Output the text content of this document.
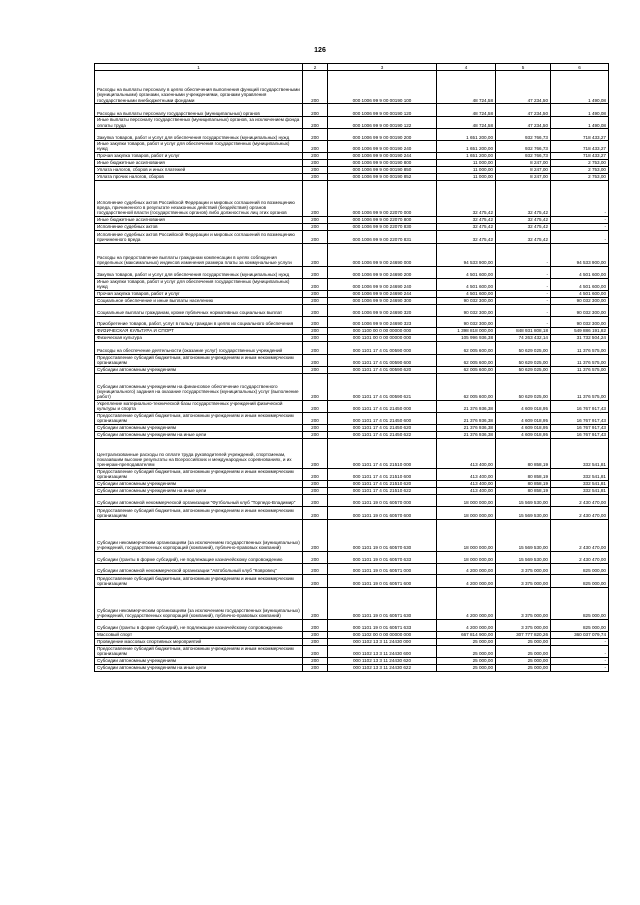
126
1	2	3	4	5	6
Расходы на выплаты персоналу в целях обеспечения выполнения функций государственными (муниципальными) органами, казенными учреждениями, органами управления государственными внебюджетными фондами	200	000 1006 99 9 00 00190 100	48 724,58	47 234,50	1 490,08
Расходы на выплаты персоналу государственных (муниципальных) органов	200	000 1006 99 9 00 00190 120	48 724,58	47 234,50	1 490,08
Иные выплаты персоналу государственных (муниципальных) органов, за исключением фонда оплаты труда	200	000 1006 99 9 00 00190 122	48 724,58	47 234,50	1 490,08
Закупка товаров, работ и услуг для обеспечения государственных (муниципальных) нужд	200	000 1006 99 9 00 00190 200	1 651 200,00	932 766,73	718 433,27
Иные закупки товаров, работ и услуг для обеспечения государственных (муниципальных) нужд	200	000 1006 99 9 00 00190 240	1 651 200,00	932 766,73	718 433,27
Прочая закупка товаров, работ и услуг	200	000 1006 99 9 00 00190 244	1 651 200,00	932 766,73	718 433,27
Иные бюджетные ассигнования	200	000 1006 99 9 00 00190 800	11 000,00	8 247,00	2 753,00
Уплата налогов, сборов и иных платежей	200	000 1006 99 9 00 00190 850	11 000,00	8 247,00	2 753,00
Уплата прочих налогов, сборов	200	000 1006 99 9 00 00190 852	11 000,00	8 247,00	2 753,00
Исполнение судебных актов Российской Федерации и мировых соглашений по возмещению вреда, причиненного в результате незаконных действий (бездействия) органов государственной власти (государственных органов) либо должностных лиц этих органов	200	000 1006 99 9 00 22070 000	32 475,42	32 475,42	-
Иные бюджетные ассигнования	200	000 1006 99 9 00 22070 800	32 475,42	32 475,42	-
Исполнение судебных актов	200	000 1006 99 9 00 22070 830	32 475,42	32 475,42	-
Исполнение судебных актов Российской Федерации и мировых соглашений по возмещению причиненного вреда	200	000 1006 99 9 00 22070 831	32 475,42	32 475,42	-
Расходы на предоставление выплаты гражданам компенсации в целях соблюдения предельных (максимальных) индексов изменения размера платы за коммунальные услуги	200	000 1006 99 9 00 24690 000	94 533 900,00	-	94 533 900,00
Закупка товаров, работ и услуг для обеспечения государственных (муниципальных) нужд	200	000 1006 99 9 00 24690 200	4 501 600,00	-	4 501 600,00
Иные закупки товаров, работ и услуг для обеспечения государственных (муниципальных) нужд	200	000 1006 99 9 00 24690 240	4 501 600,00	-	4 501 600,00
Прочая закупка товаров, работ и услуг	200	000 1006 99 9 00 24690 244	4 501 600,00	-	4 501 600,00
Социальное обеспечение и иные выплаты населению	200	000 1006 99 9 00 24690 300	90 032 300,00	-	90 032 300,00
Социальные выплаты гражданам, кроме публичных нормативных социальных выплат	200	000 1006 99 9 00 24690 320	90 032 300,00	-	90 032 300,00
Приобретение товаров, работ, услуг в пользу граждан в целях их социального обеспечения	200	000 1006 99 9 00 24690 323	90 032 300,00	-	90 032 300,00
ФИЗИЧЕСКАЯ КУЛЬТУРА И СПОРТ	200	000 1100 00 0 00 00000 000	1 398 818 000,00	848 931 808,18	549 886 191,82
Физическая культура	200	000 1101 00 0 00 00000 000	105 996 936,38	74 263 432,14	31 732 504,24
Расходы на обеспечение деятельности (оказание услуг) государственных учреждений	200	000 1101 17 4 01 00590 000	62 005 600,00	50 629 025,00	11 376 575,00
Предоставление субсидий бюджетным, автономным учреждениям и иным некоммерческим организациям	200	000 1101 17 4 01 00590 600	62 005 600,00	50 629 025,00	11 376 575,00
Субсидии автономным учреждениям	200	000 1101 17 4 01 00590 620	62 005 600,00	50 629 025,00	11 376 575,00
Субсидии автономным учреждениям на финансовое обеспечение государственного (муниципального) задания на оказание государственных (муниципальных) услуг (выполнение работ)	200	000 1101 17 4 01 00590 621	62 005 600,00	50 629 025,00	11 376 575,00
Укрепление материально-технической базы государственных учреждений физической культуры и спорта	200	000 1101 17 4 01 21450 000	21 376 936,38	4 609 018,95	16 767 917,43
Предоставление субсидий бюджетным, автономным учреждениям и иным некоммерческим организациям	200	000 1101 17 4 01 21450 600	21 376 936,38	4 609 018,95	16 767 917,43
Субсидии автономным учреждениям	200	000 1101 17 4 01 21450 620	21 376 936,38	4 609 018,95	16 767 917,43
Субсидии автономным учреждениям на иные цели	200	000 1101 17 4 01 21450 622	21 376 936,38	4 609 018,95	16 767 917,43
Централизованные расходы по оплате труда руководителей учреждений, спортсменам, показавшим высокие результаты на Всероссийских и международных соревнованиях, и их тренерам-преподавателям	200	000 1101 17 4 01 21510 000	413 400,00	80 858,19	332 541,81
Предоставление субсидий бюджетным, автономным учреждениям и иным некоммерческим организациям	200	000 1101 17 4 01 21510 600	413 400,00	80 858,19	332 541,81
Субсидии автономным учреждениям	200	000 1101 17 4 01 21510 620	413 400,00	80 858,19	332 541,81
Субсидии автономным учреждениям на иные цели	200	000 1101 17 4 01 21510 622	413 400,00	80 858,19	332 541,81
Субсидии автономной некоммерческой организации "Футбольный клуб "Торпедо-Владимир"	200	000 1101 19 0 01 60570 000	18 000 000,00	15 569 530,00	2 430 470,00
Предоставление субсидий бюджетным, автономным учреждениям и иным некоммерческим организациям	200	000 1101 19 0 01 60570 600	18 000 000,00	15 569 530,00	2 430 470,00
Субсидии некоммерческим организациям (за исключением государственных (муниципальных) учреждений, государственных корпораций (компаний), публично-правовых компаний)	200	000 1101 19 0 01 60570 630	18 000 000,00	15 569 530,00	2 430 470,00
Субсидии (гранты в форме субсидий), не подлежащие казначейскому сопровождению	200	000 1101 19 0 01 60570 633	18 000 000,00	15 569 530,00	2 430 470,00
Субсидии автономной некоммерческой организации "Автобольный клуб "Ковровец"	200	000 1101 19 0 01 60571 000	4 200 000,00	3 375 000,00	825 000,00
Предоставление субсидий бюджетным, автономным учреждениям и иным некоммерческим организациям	200	000 1101 19 0 01 60571 600	4 200 000,00	3 375 000,00	825 000,00
Субсидии некоммерческим организациям (за исключением государственных (муниципальных) учреждений, государственных корпораций (компаний), публично-правовых компаний)	200	000 1101 19 0 01 60571 630	4 200 000,00	3 375 000,00	825 000,00
Субсидии (гранты в форме субсидий), не подлежащие казначейскому сопровождению	200	000 1101 19 0 01 60571 633	4 200 000,00	3 375 000,00	825 000,00
Массовый спорт	200	000 1102 00 0 00 00000 000	667 814 900,00	307 777 820,26	360 037 079,74
Проведение массовых спортивных мероприятий	200	000 1102 13 3 11 24430 000	25 000,00	25 000,00	-
Предоставление субсидий бюджетным, автономным учреждениям и иным некоммерческим организациям	200	000 1102 13 3 11 24430 600	25 000,00	25 000,00	-
Субсидии автономным учреждениям	200	000 1102 13 3 11 24430 620	25 000,00	25 000,00	-
Субсидии автономным учреждениям на иные цели	200	000 1102 13 3 11 24430 622	25 000,00	25 000,00	-
